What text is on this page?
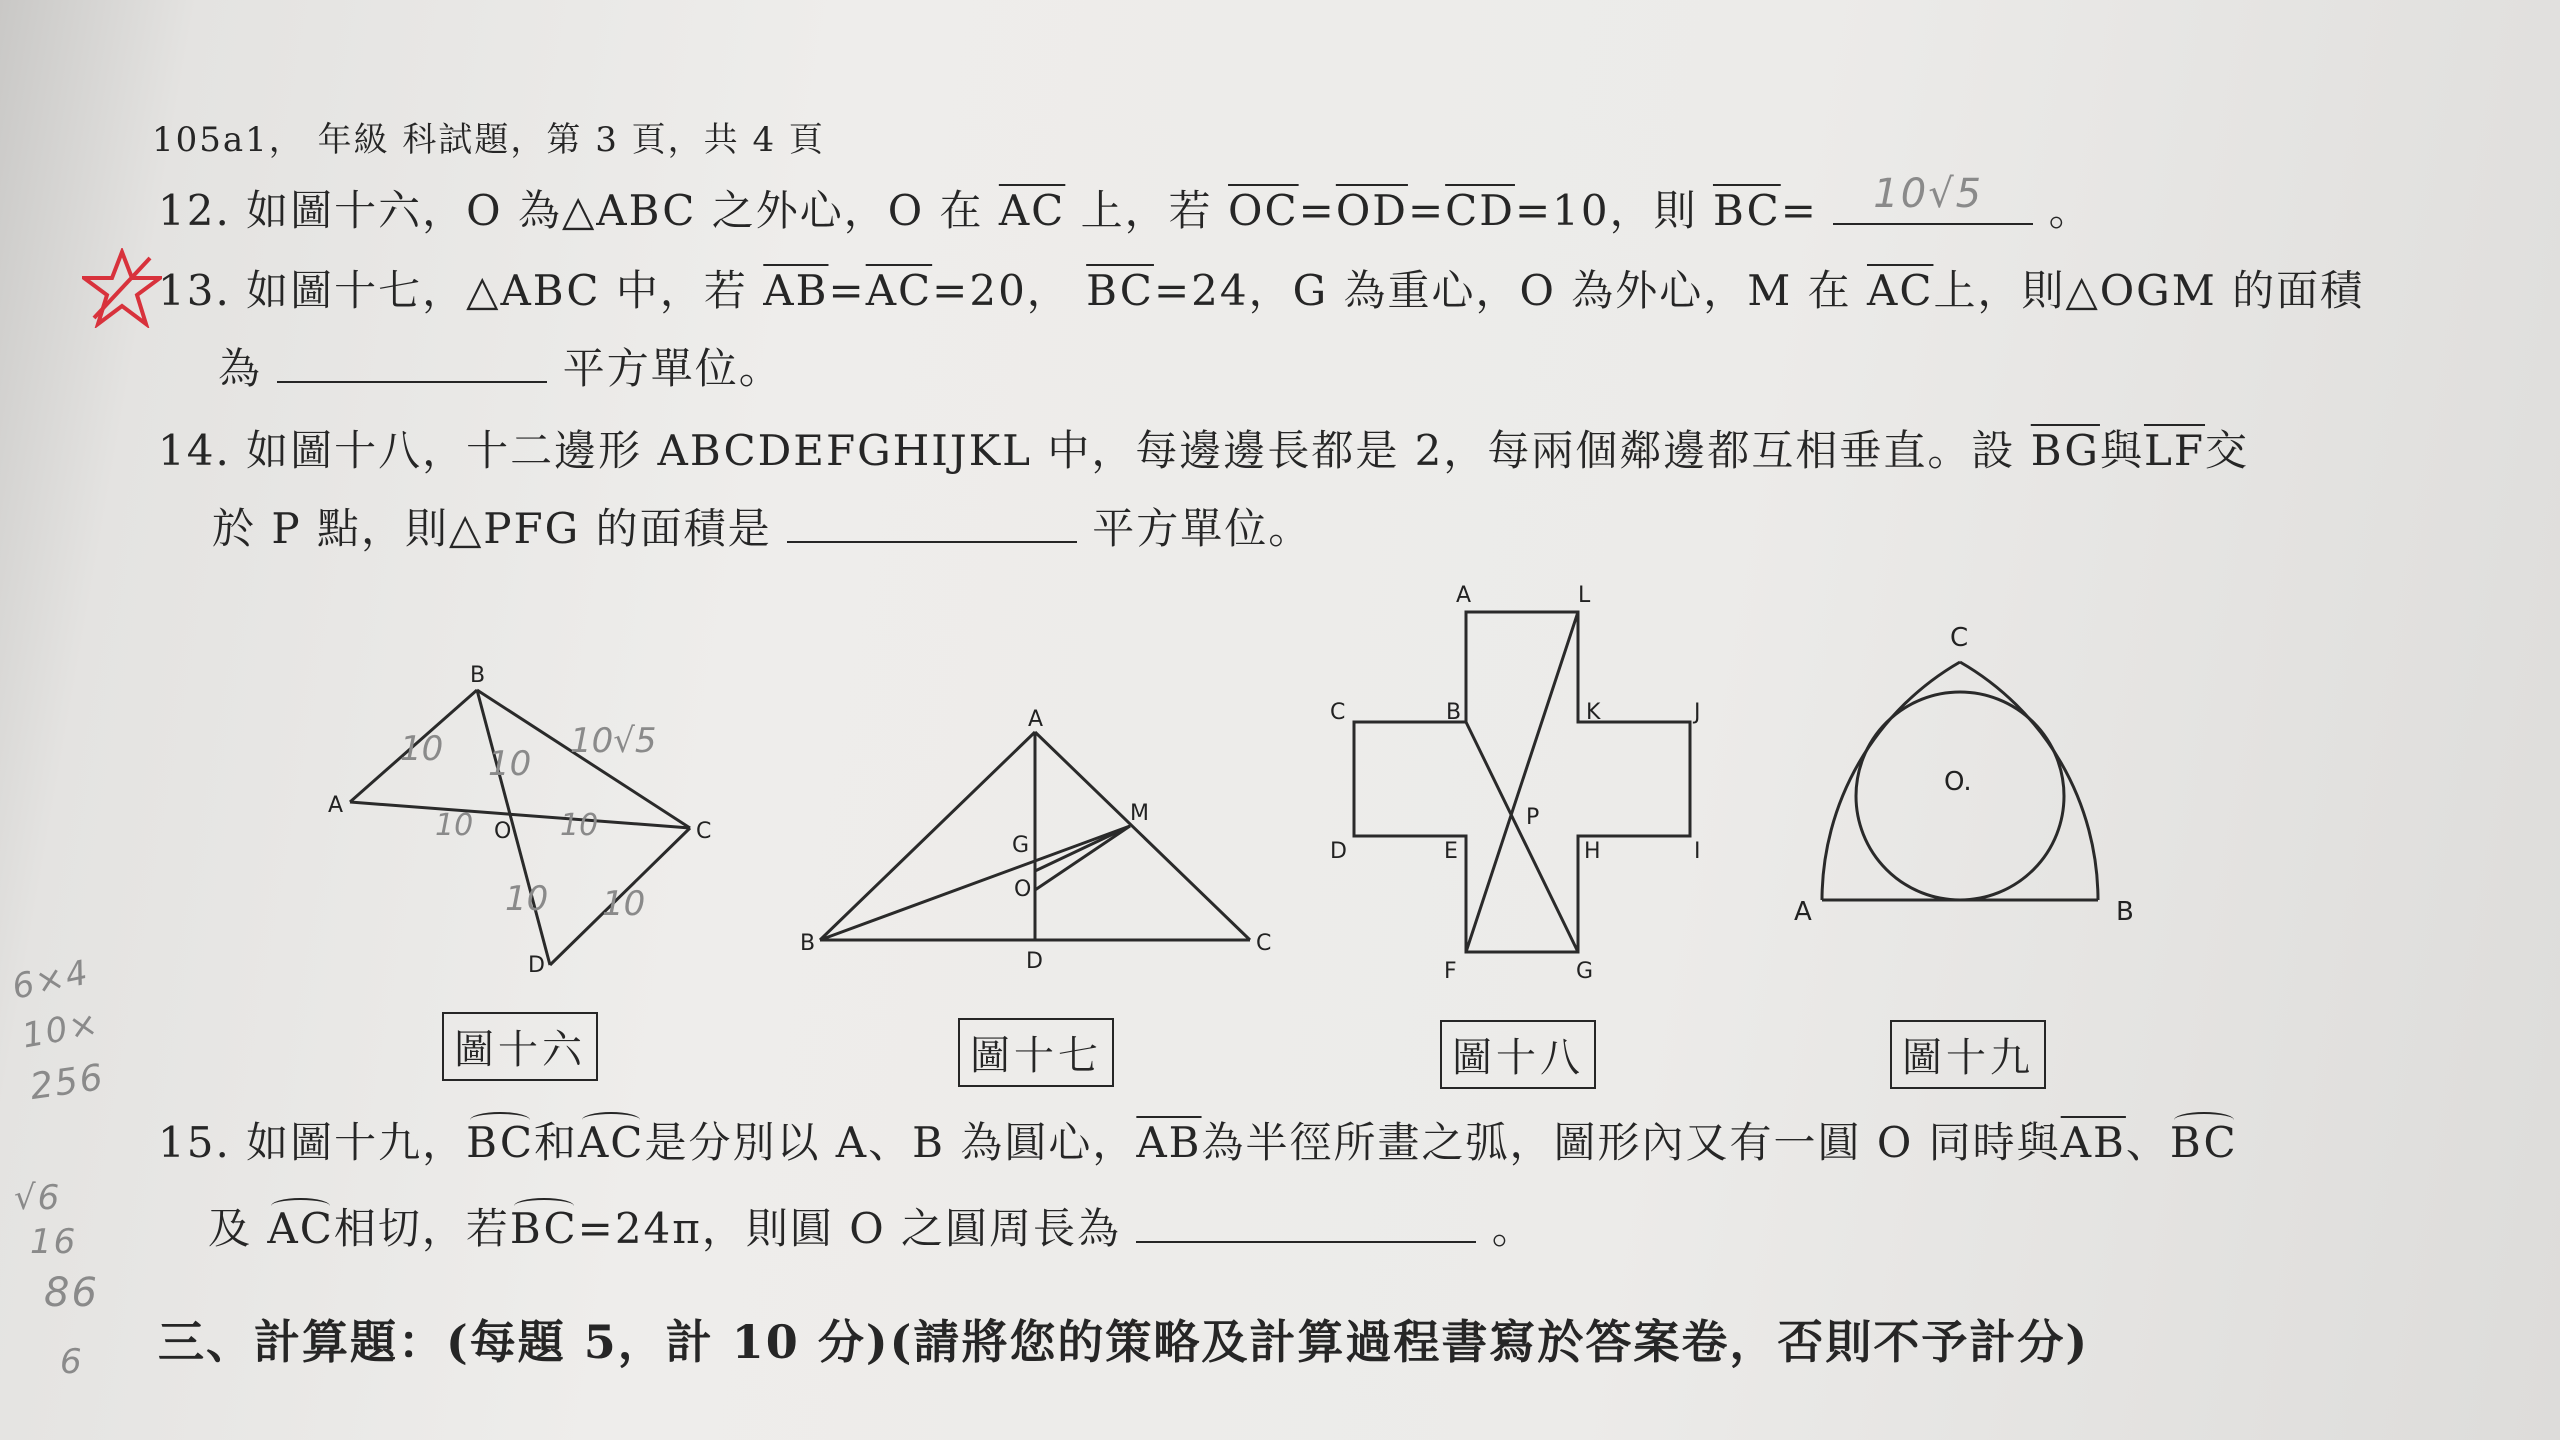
105a1， 年級 科試題，第 3 頁，共 4 頁
12. 如圖十六，O 為△ABC 之外心，O 在 $\overline{AC}$ 上，若 $\overline{OC}=\overline{OD}=\overline{CD}=10$，則 $\overline{BC}= 10√5$ 。
13. 如圖十七，△ABC 中，若 $\overline{AB}=\overline{AC}=20$， $\overline{BC}=24$，G 為重心，O 為外心，M 在 $\overline{AC}$上，則△OGM 的面積
為	平方單位。
14. 如圖十八，十二邊形 ABCDEFGHIJKL 中，每邊邊長都是 2，每兩個鄰邊都互相垂直。設 $\overline{BG}$與$\overline{LF}$交
於 P 點，則△PFG 的面積是	平方單位。
B
A
C
O
D
10 10
10√5
10	10
10 10
A
B	C
D
G
O
M
A	L
C	B	K	J
D	E	H	I
F	G
P
C
O.
A	B
圖十六	圖十七	圖十八	圖十九
15. 如圖十九，BC和AC是分別以 A、B 為圓心，$\overline{AB}$為半徑所畫之弧，圖形內又有一圓 O 同時與$\overline{AB}$、BC
及 AC相切，若BC=24π，則圓 O 之圓周長為	。
三、計算題：(每題 5，計 10 分)(請將您的策略及計算過程書寫於答案卷，否則不予計分)
6×4
10×
256
√6
16
86
6
